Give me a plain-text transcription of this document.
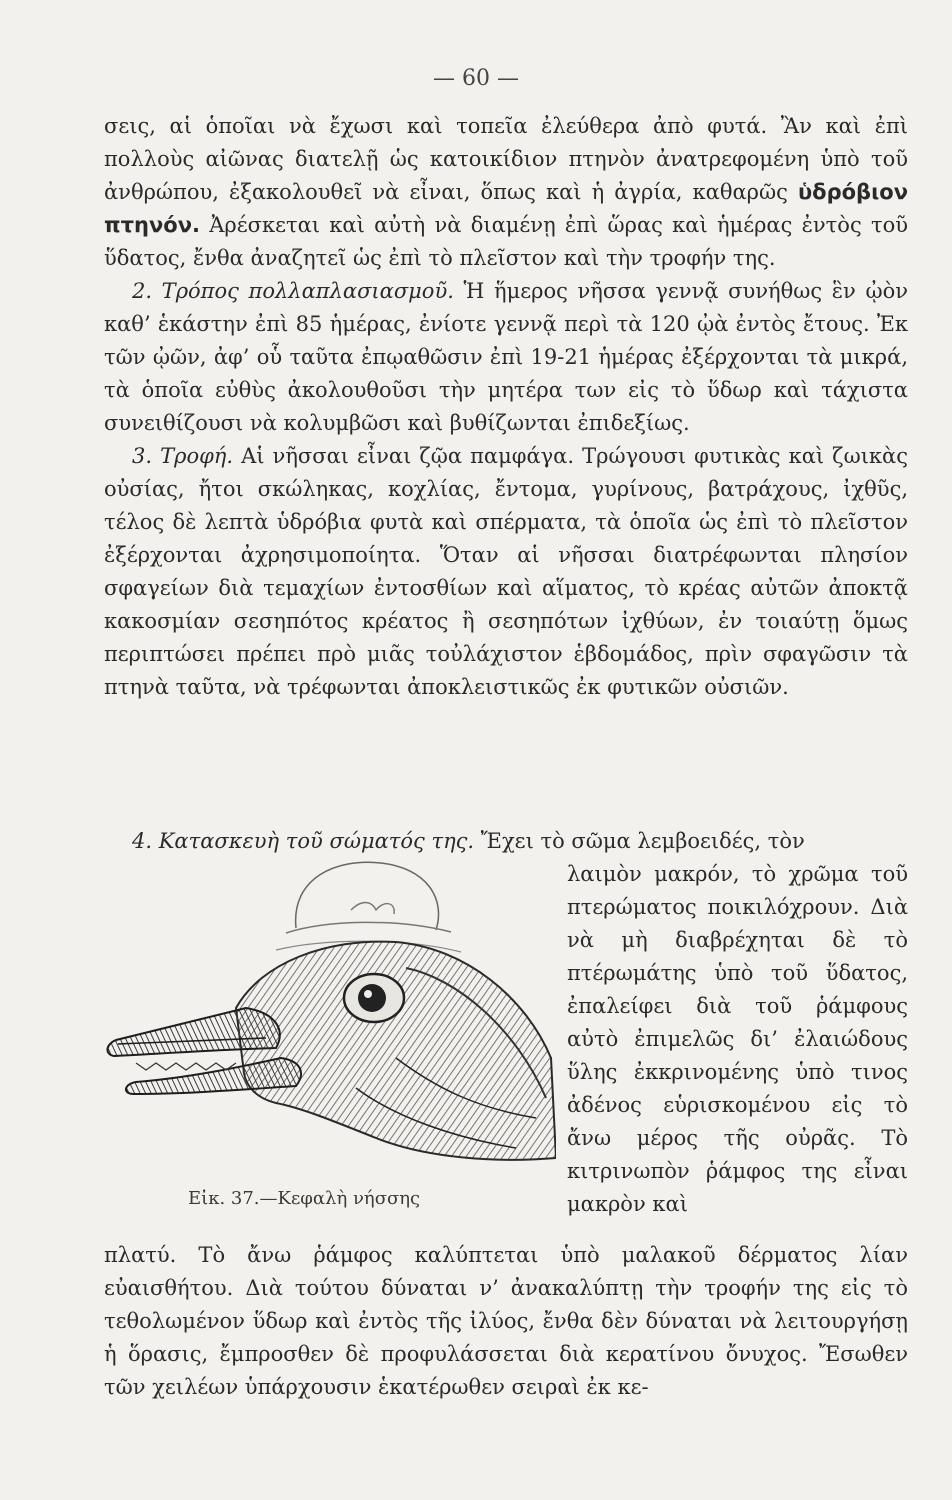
— 60 —

σεις, αἱ ὁποῖαι νὰ ἔχωσι καὶ τοπεῖα ἐλεύθερα ἀπὸ φυτά. Ἂν καὶ ἐπὶ πολλοὺς αἰῶνας διατελῇ ὡς κατοικίδιον πτηνὸν ἀνατρεφομένη ὑπὸ τοῦ ἀνθρώπου, ἐξακολουθεῖ νὰ εἶναι, ὅπως καὶ ἡ ἀγρία, καθαρῶς ὑδρόβιον πτηνόν. Ἀρέσκεται καὶ αὐτὴ νὰ διαμένῃ ἐπὶ ὥρας καὶ ἡμέρας ἐντὸς τοῦ ὕδατος, ἔνθα ἀναζητεῖ ὡς ἐπὶ τὸ πλεῖστον καὶ τὴν τροφήν της.

2. Τρόπος πολλαπλασιασμοῦ. Ἡ ἥμερος νῆσσα γεννᾷ συνήθως ἓν ᾠὸν καθ’ ἑκάστην ἐπὶ 85 ἡμέρας, ἐνίοτε γεννᾷ περὶ τὰ 120 ᾠὰ ἐντὸς ἔτους. Ἐκ τῶν ᾠῶν, ἀφ’ οὗ ταῦτα ἐπῳαθῶσιν ἐπὶ 19-21 ἡμέρας ἐξέρχονται τὰ μικρά, τὰ ὁποῖα εὐθὺς ἀκολουθοῦσι τὴν μητέρα των εἰς τὸ ὕδωρ καὶ τάχιστα συνειθίζουσι νὰ κολυμβῶσι καὶ βυθίζωνται ἐπιδεξίως.

3. Τροφή. Αἱ νῆσσαι εἶναι ζῷα παμφάγα. Τρώγουσι φυτικὰς καὶ ζωικὰς οὐσίας, ἤτοι σκώληκας, κοχλίας, ἔντομα, γυρίνους, βατράχους, ἰχθῦς, τέλος δὲ λεπτὰ ὑδρόβια φυτὰ καὶ σπέρματα, τὰ ὁποῖα ὡς ἐπὶ τὸ πλεῖστον ἐξέρχονται ἀχρησιμοποίητα. Ὅταν αἱ νῆσσαι διατρέφωνται πλησίον σφαγείων διὰ τεμαχίων ἐντοσθίων καὶ αἵματος, τὸ κρέας αὐτῶν ἀποκτᾷ κακοσμίαν σεσηπότος κρέατος ἢ σεσηπότων ἰχθύων, ἐν τοιαύτῃ ὅμως περιπτώσει πρέπει πρὸ μιᾶς τοὐλάχιστον ἑβδομάδος, πρὶν σφαγῶσιν τὰ πτηνὰ ταῦτα, νὰ τρέφωνται ἀποκλειστικῶς ἐκ φυτικῶν οὐσιῶν.

4. Κατασκευὴ τοῦ σώματός της. Ἔχει τὸ σῶμα λεμβοειδές, τὸν
Εἰκ. 37.—Κεφαλὴ νήσσης

λαιμὸν μακρόν, τὸ χρῶμα τοῦ πτερώματος ποικιλόχρουν. Διὰ νὰ μὴ διαβρέχηται δὲ τὸ πτέρωμάτης ὑπὸ τοῦ ὕδατος, ἐπαλείφει διὰ τοῦ ῥάμφους αὐτὸ ἐπιμελῶς δι’ ἐλαιώδους ὕλης ἐκκρινομένης ὑπὸ τινος ἀδένος εὑρισκομένου εἰς τὸ ἄνω μέρος τῆς οὐρᾶς. Τὸ κιτρινωπὸν ῥάμφος της εἶναι μακρὸν καὶ

πλατύ. Τὸ ἄνω ῥάμφος καλύπτεται ὑπὸ μαλακοῦ δέρματος λίαν εὐαισθήτου. Διὰ τούτου δύναται ν’ ἀνακαλύπτῃ τὴν τροφήν της εἰς τὸ τεθολωμένον ὕδωρ καὶ ἐντὸς τῆς ἰλύος, ἔνθα δὲν δύναται νὰ λειτουργήσῃ ἡ ὅρασις, ἔμπροσθεν δὲ προφυλάσσεται διὰ κερατίνου ὄνυχος. Ἔσωθεν τῶν χειλέων ὑπάρχουσιν ἑκατέρωθεν σειραὶ ἐκ κε-
